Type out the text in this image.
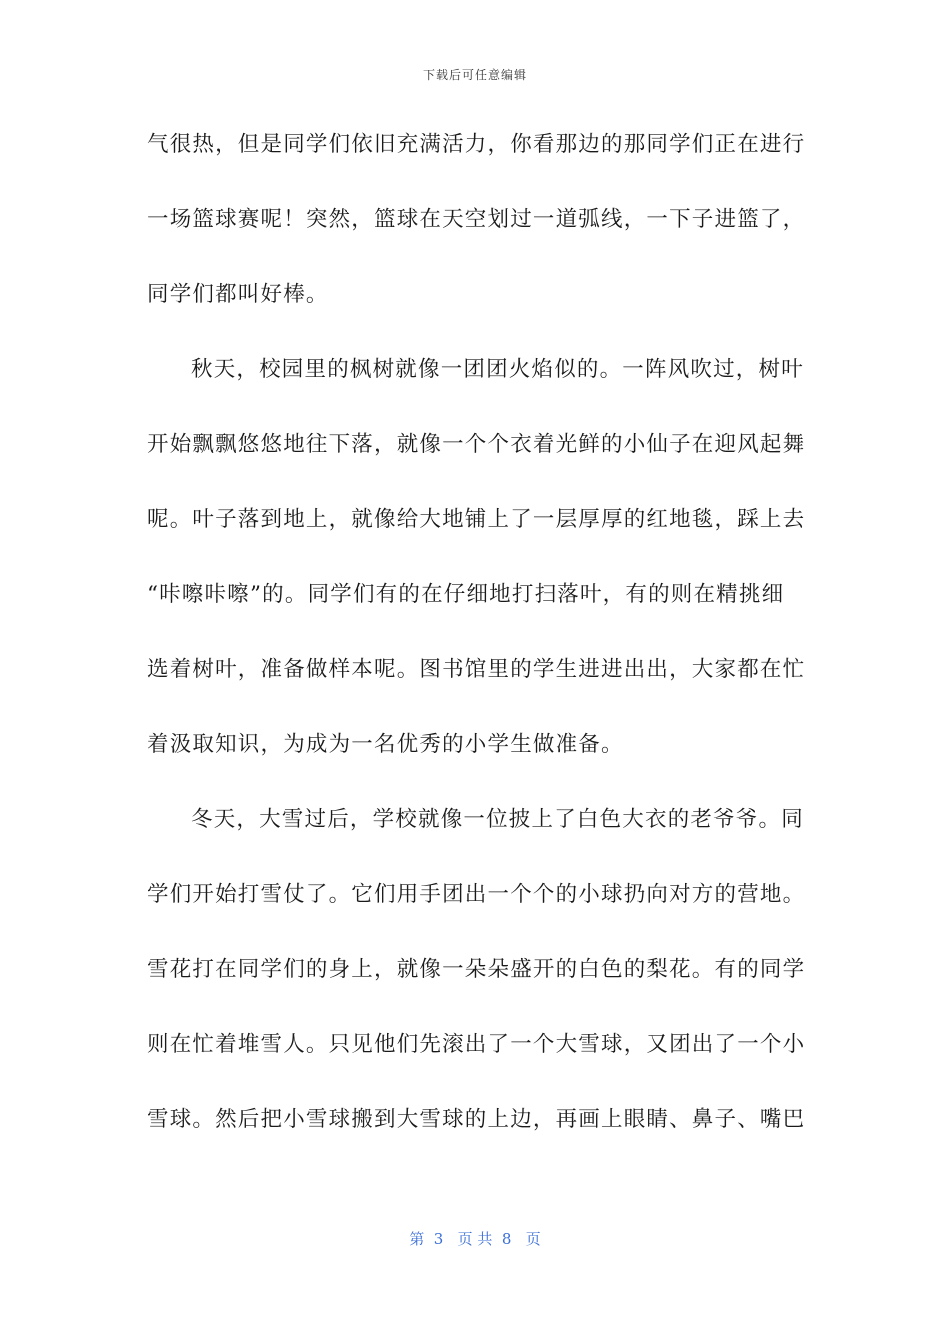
下载后可任意编辑
气很热，但是同学们依旧充满活力，你看那边的那同学们正在进行
一场篮球赛呢！突然，篮球在天空划过一道弧线，一下子进篮了，
同学们都叫好棒。
秋天，校园里的枫树就像一团团火焰似的。一阵风吹过，树叶
开始飘飘悠悠地往下落，就像一个个衣着光鲜的小仙子在迎风起舞
呢。叶子落到地上，就像给大地铺上了一层厚厚的红地毯，踩上去
“咔嚓咔嚓”的。同学们有的在仔细地打扫落叶，有的则在精挑细
选着树叶，准备做样本呢。图书馆里的学生进进出出，大家都在忙
着汲取知识，为成为一名优秀的小学生做准备。
冬天，大雪过后，学校就像一位披上了白色大衣的老爷爷。同
学们开始打雪仗了。它们用手团出一个个的小球扔向对方的营地。
雪花打在同学们的身上，就像一朵朵盛开的白色的梨花。有的同学
则在忙着堆雪人。只见他们先滚出了一个大雪球，又团出了一个小
雪球。然后把小雪球搬到大雪球的上边，再画上眼睛、鼻子、嘴巴
第  3   页 共  8   页
